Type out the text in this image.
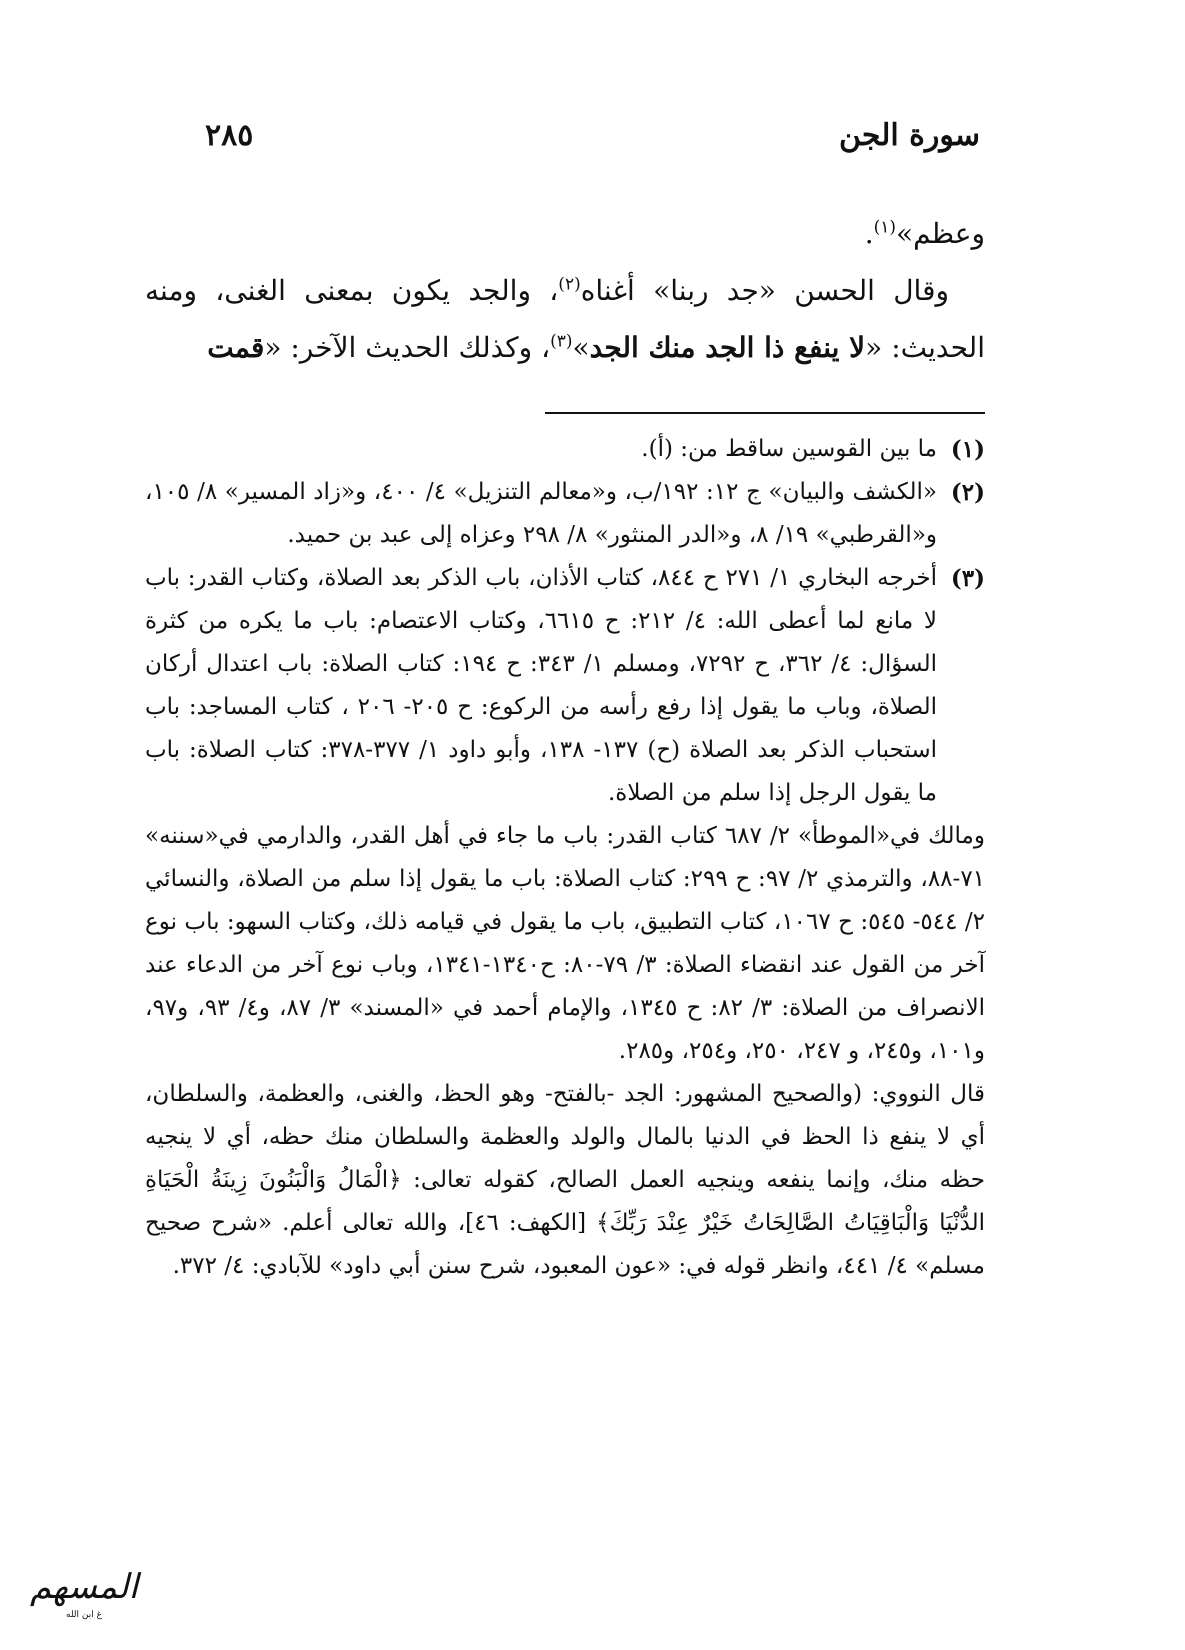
سورة الجن
٢٨٥

وعظم»$^{(١)}$.

وقال الحسن «جد ربنا» أغناه$^{(٢)}$، والجد يكون بمعنى الغنى، ومنه الحديث: «لا ينفع ذا الجد منك الجد»$^{(٣)}$، وكذلك الحديث الآخر: «قمت

(١)
ما بين القوسين ساقط من: (أ).
(٢)
«الكشف والبيان» ج ١٢: ١٩٢/ب، و«معالم التنزيل» ٤/ ٤٠٠، و«زاد المسير» ٨/ ١٠٥، و«القرطبي» ١٩/ ٨، و«الدر المنثور» ٨/ ٢٩٨ وعزاه إلى عبد بن حميد.
(٣)
أخرجه البخاري ١/ ٢٧١ ح ٨٤٤، كتاب الأذان، باب الذكر بعد الصلاة، وكتاب القدر: باب لا مانع لما أعطى الله: ٤/ ٢١٢: ح ٦٦١٥، وكتاب الاعتصام: باب ما يكره من كثرة السؤال: ٤/ ٣٦٢، ح ٧٢٩٢، ومسلم ١/ ٣٤٣: ح ١٩٤: كتاب الصلاة: باب اعتدال أركان الصلاة، وباب ما يقول إذا رفع رأسه من الركوع: ح ٢٠٥- ٢٠٦ ، كتاب المساجد: باب استحباب الذكر بعد الصلاة (ح) ١٣٧- ١٣٨، وأبو داود ١/ ٣٧٧-٣٧٨: كتاب الصلاة: باب ما يقول الرجل إذا سلم من الصلاة.

ومالك في«الموطأ» ٢/ ٦٨٧ كتاب القدر: باب ما جاء في أهل القدر، والدارمي في«سننه» ٧١-٨٨، والترمذي ٢/ ٩٧: ح ٢٩٩: كتاب الصلاة: باب ما يقول إذا سلم من الصلاة، والنسائي ٢/ ٥٤٤- ٥٤٥: ح ١٠٦٧، كتاب التطبيق، باب ما يقول في قيامه ذلك، وكتاب السهو: باب نوع آخر من القول عند انقضاء الصلاة: ٣/ ٧٩-٨٠: ح١٣٤٠-١٣٤١، وباب نوع آخر من الدعاء عند الانصراف من الصلاة: ٣/ ٨٢: ح ١٣٤٥، والإمام أحمد في «المسند» ٣/ ٨٧، و٤/ ٩٣، و٩٧، و١٠١، و٢٤٥، و ٢٤٧، ٢٥٠، و٢٥٤، و٢٨٥.

قال النووي: (والصحيح المشهور: الجد -بالفتح- وهو الحظ، والغنى، والعظمة، والسلطان، أي لا ينفع ذا الحظ في الدنيا بالمال والولد والعظمة والسلطان منك حظه، أي لا ينجيه حظه منك، وإنما ينفعه وينجيه العمل الصالح، كقوله تعالى: ﴿الْمَالُ وَالْبَنُونَ زِينَةُ الْحَيَاةِ الدُّنْيَا وَالْبَاقِيَاتُ الصَّالِحَاتُ خَيْرٌ عِنْدَ رَبِّكَ﴾ [الكهف: ٤٦]، والله تعالى أعلم. «شرح صحيح مسلم» ٤/ ٤٤١، وانظر قوله في: «عون المعبود، شرح سنن أبي داود» للآبادي: ٤/ ٣٧٢.

المسهم
غ ابن الله
